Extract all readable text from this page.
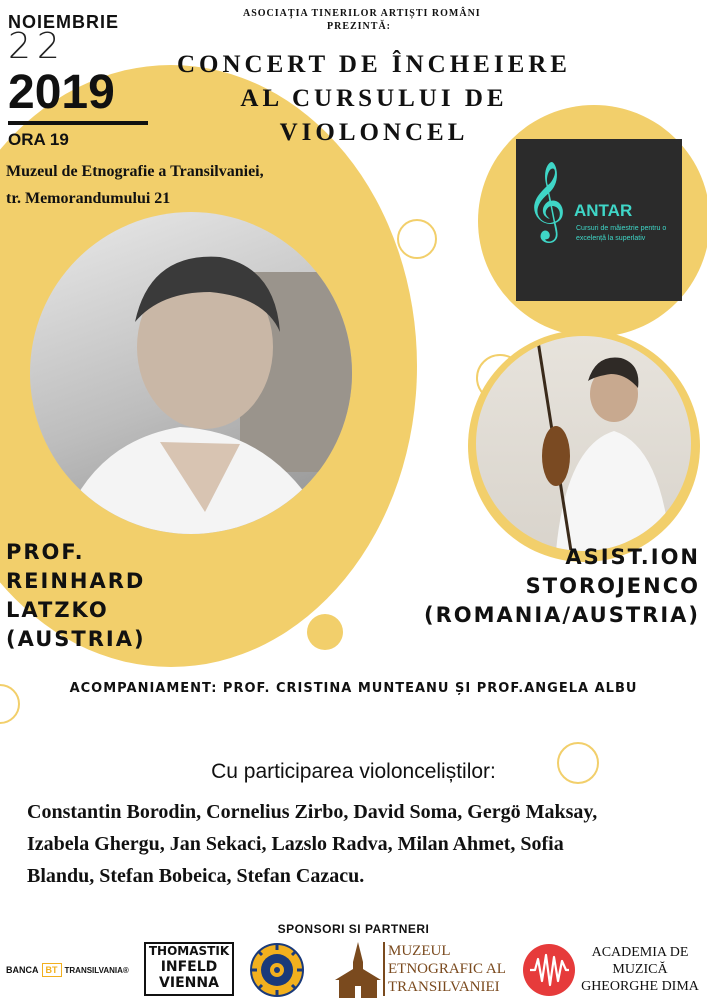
NOIEMBRIE
22
2019
ORA 19
ASOCIAȚIA TINERILOR ARTIȘTI ROMÂNI
PREZINTĂ:
CONCERT DE ÎNCHEIERE
AL CURSULUI DE
VIOLONCEL
Muzeul de Etnografie a Transilvaniei,
tr. Memorandumului 21	𝄞 ANTAR
Cursuri de măiestrie pentru o
excelență la superlativ
PROF.
REINHARD
LATZKO
(AUSTRIA)
ASIST.ION
STOROJENCO
(ROMANIA/AUSTRIA)
ACOMPANIAMENT: PROF. CRISTINA MUNTEANU ȘI PROF.ANGELA ALBU
Cu participarea violonceliștilor:
Constantin Borodin, Cornelius Zirbo, David Soma, Gergö Maksay,
Izabela Ghergu, Jan Sekaci, Lazslo Radva, Milan Ahmet, Sofia
Blandu, Stefan Bobeica, Stefan Cazacu.
SPONSORI SI PARTNERI
BANCA BT TRANSILVANIA®
THOMASTIK
INFELD
VIENNA
MUZEUL
ETNOGRAFIC AL
TRANSILVANIEI
ACADEMIA DE
MUZICĂ
GHEORGHE DIMA
